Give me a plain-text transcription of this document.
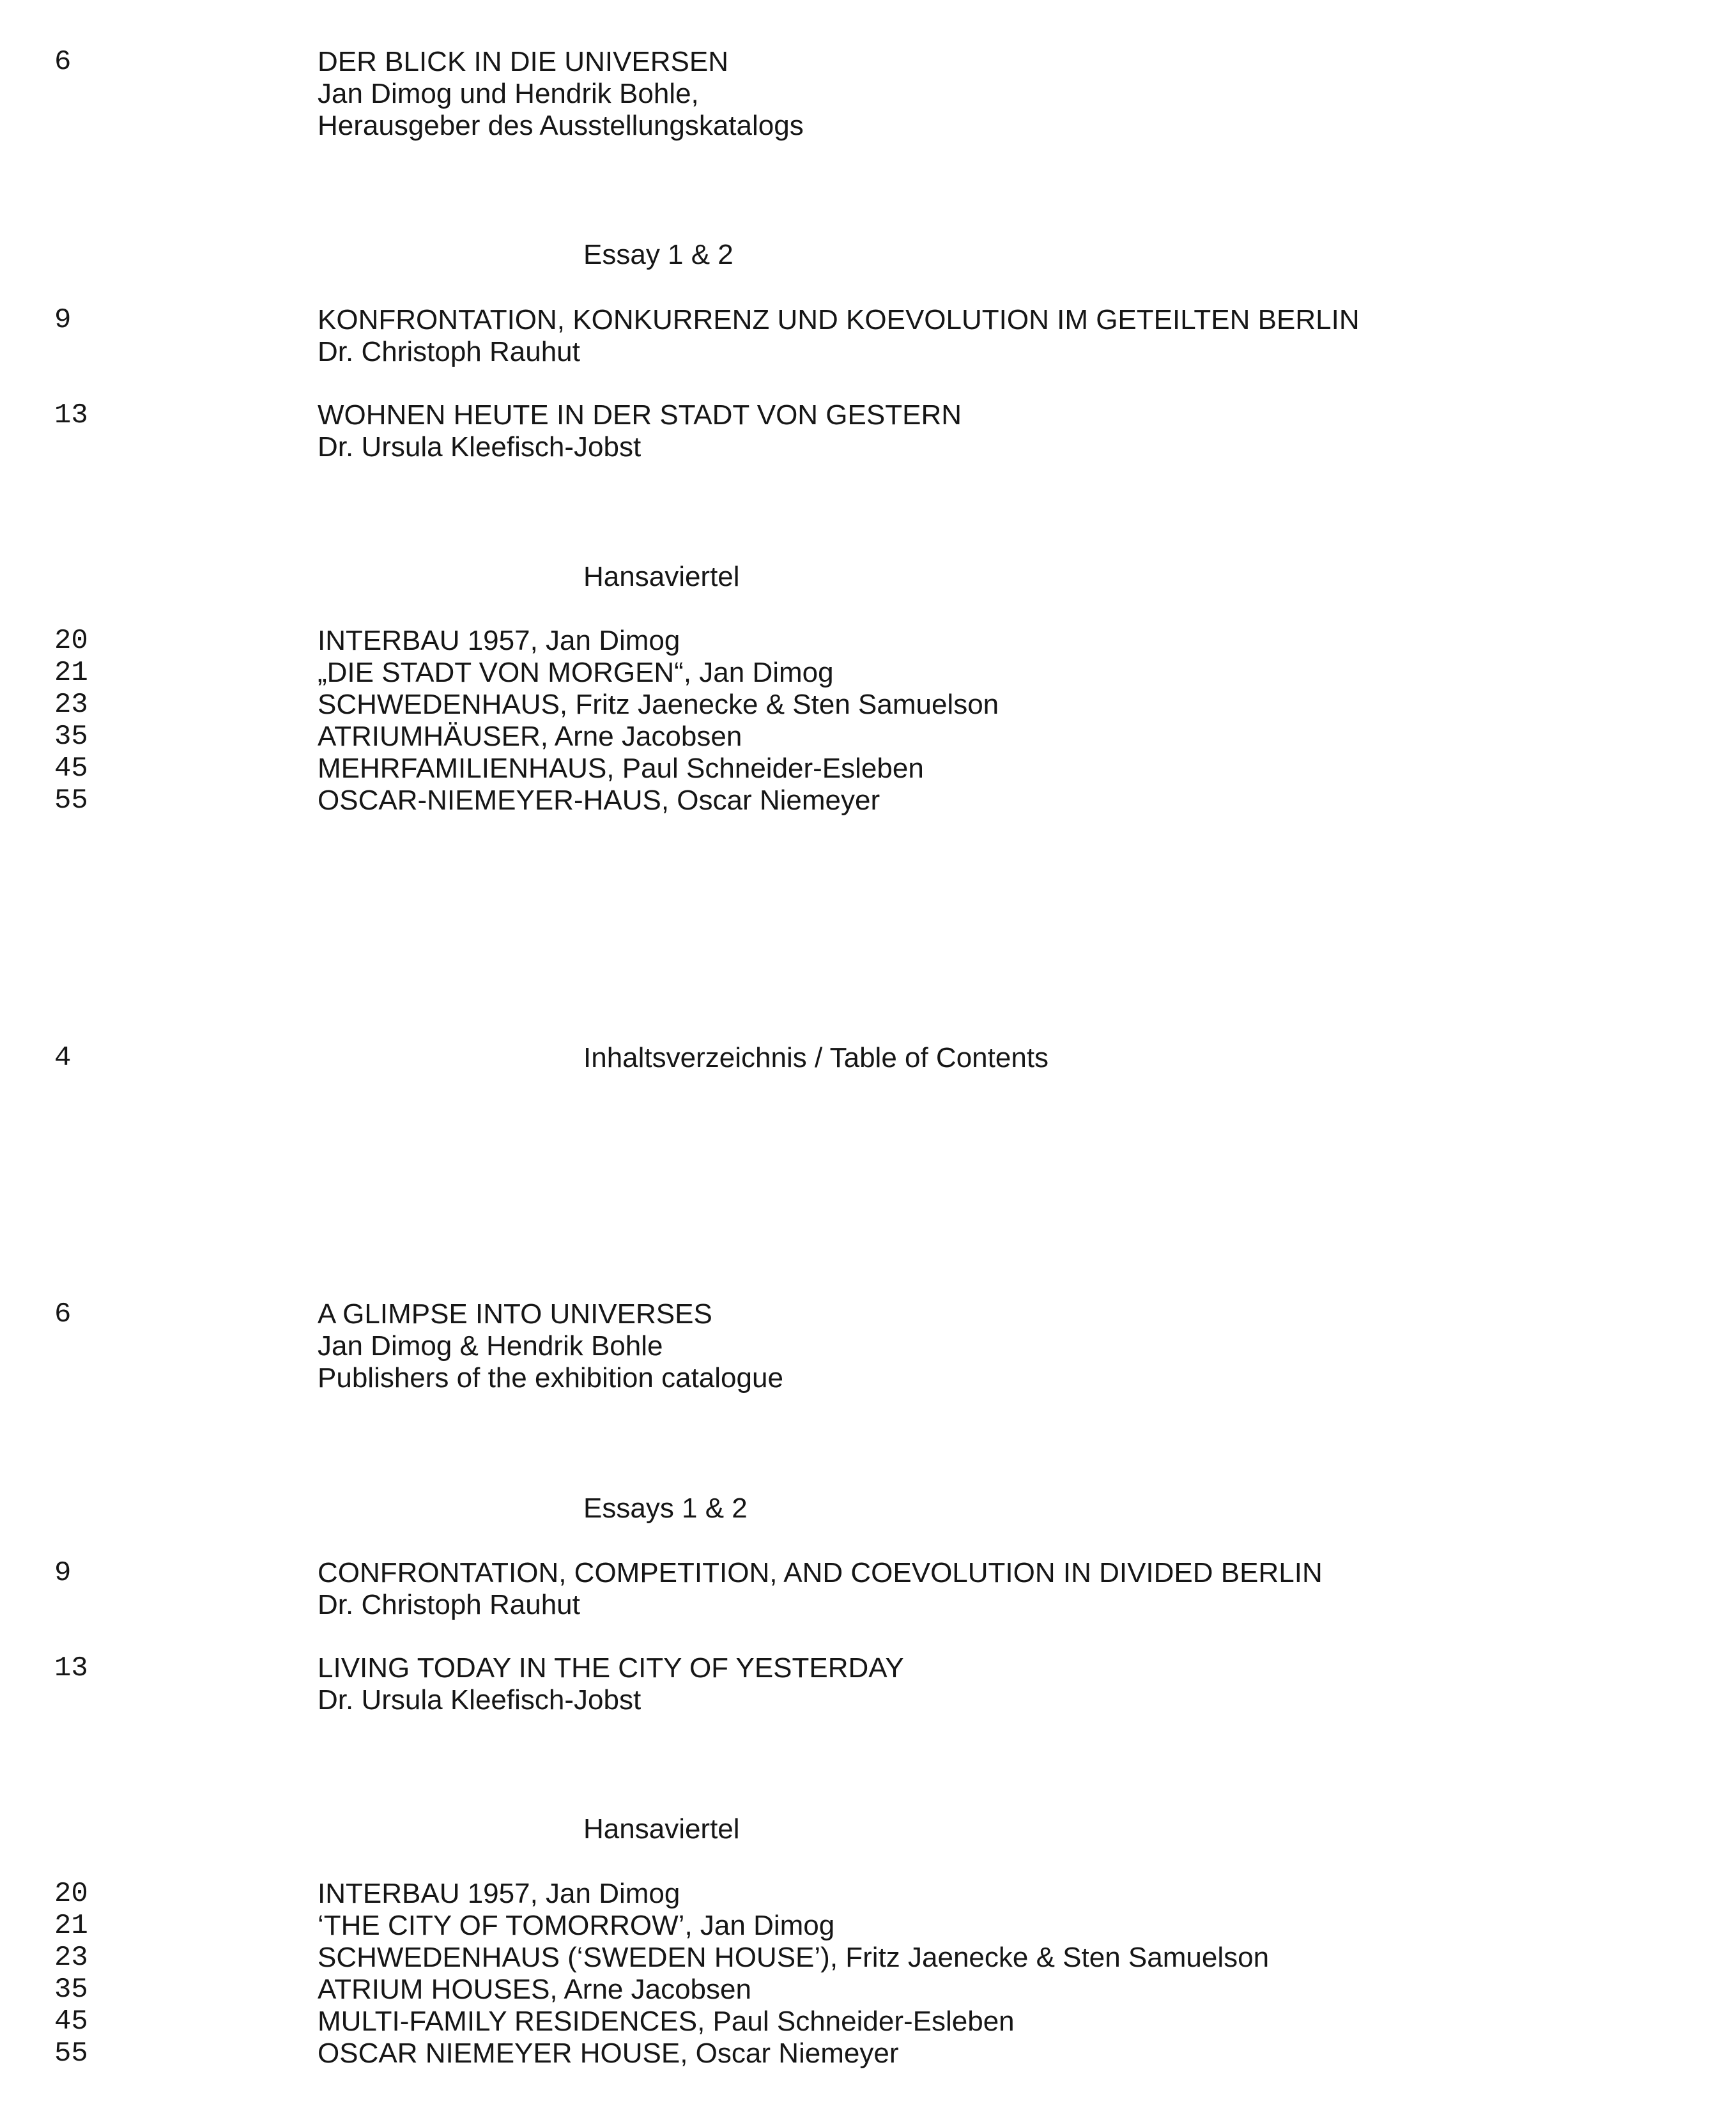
6	DER BLICK IN DIE UNIVERSEN
Jan Dimog und Hendrik Bohle,
Herausgeber des Ausstellungskatalogs
Essay 1 & 2
9	KONFRONTATION, KONKURRENZ UND KOEVOLUTION IM GETEILTEN BERLIN
Dr. Christoph Rauhut
13	WOHNEN HEUTE IN DER STADT VON GESTERN
Dr. Ursula Kleefisch-Jobst
Hansaviertel
20	INTERBAU 1957, Jan Dimog
21	„DIE STADT VON MORGEN“, Jan Dimog
23	SCHWEDENHAUS, Fritz Jaenecke & Sten Samuelson
35	ATRIUMHÄUSER, Arne Jacobsen
45	MEHRFAMILIENHAUS, Paul Schneider-Esleben
55	OSCAR-NIEMEYER-HAUS, Oscar Niemeyer
4	Inhaltsverzeichnis / Table of Contents
6	A GLIMPSE INTO UNIVERSES
Jan Dimog & Hendrik Bohle
Publishers of the exhibition catalogue
Essays 1 & 2
9	CONFRONTATION, COMPETITION, AND COEVOLUTION IN DIVIDED BERLIN
Dr. Christoph Rauhut
13	LIVING TODAY IN THE CITY OF YESTERDAY
Dr. Ursula Kleefisch-Jobst
Hansaviertel
20	INTERBAU 1957, Jan Dimog
21	‘THE CITY OF TOMORROW’, Jan Dimog
23	SCHWEDENHAUS (‘SWEDEN HOUSE’), Fritz Jaenecke & Sten Samuelson
35	ATRIUM HOUSES, Arne Jacobsen
45	MULTI-FAMILY RESIDENCES, Paul Schneider-Esleben
55	OSCAR NIEMEYER HOUSE, Oscar Niemeyer
